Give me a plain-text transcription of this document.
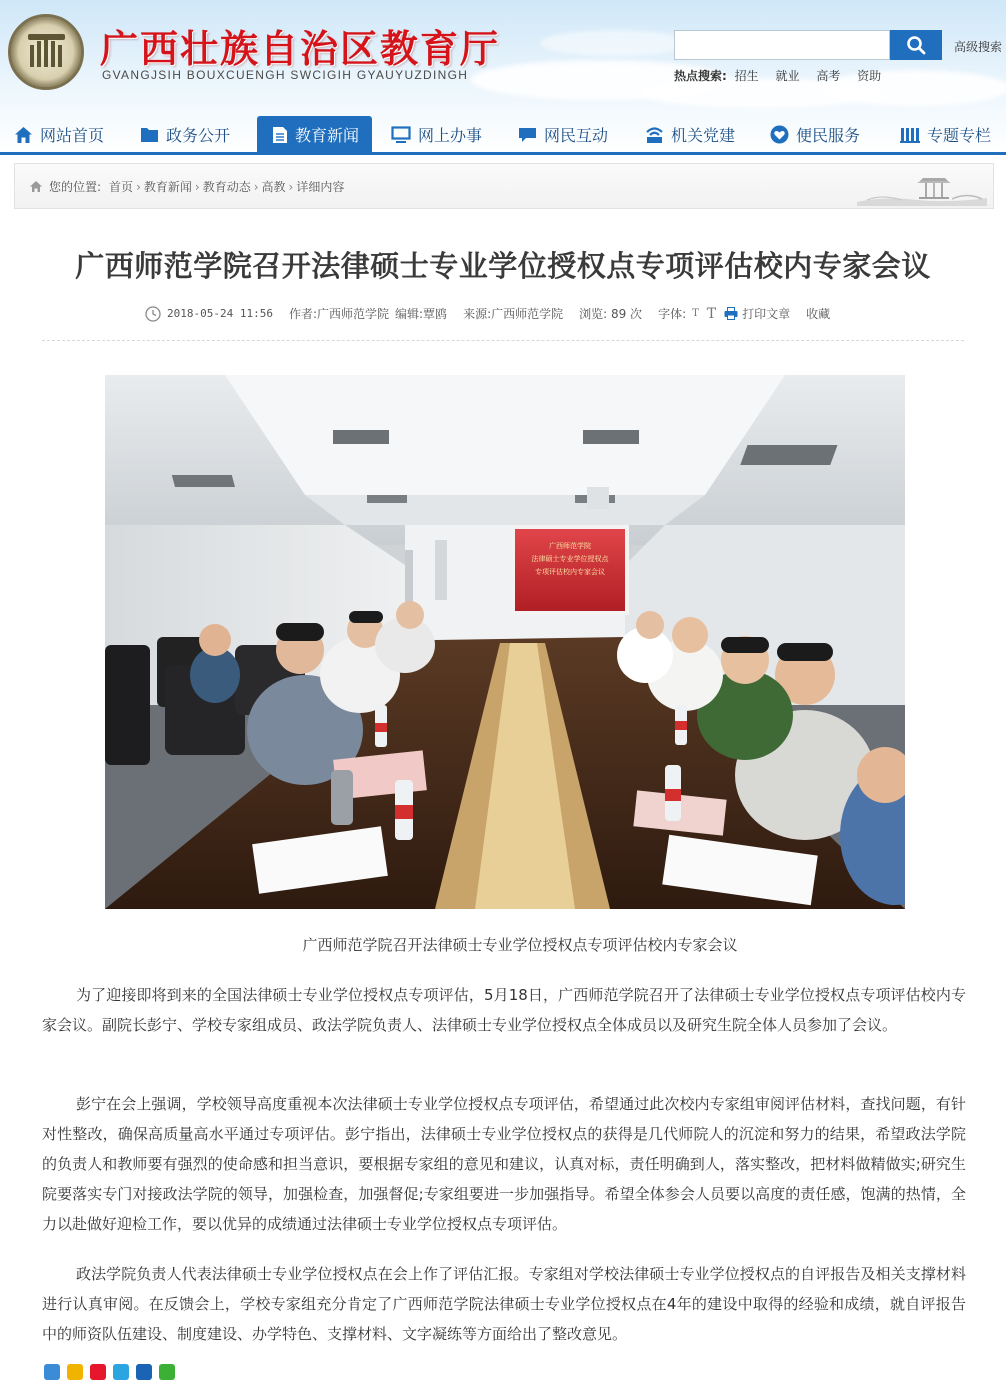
广西壮族自治区教育厅
GVANGJSIH BOUXCUENGH SWCIGIH GYAUYUZDINGH
高级搜索
热点搜索: 招生 就业 高考 资助
网站首页	政务公开	教育新闻	网上办事	网民互动	机关党建	便民服务	专题专栏
您的位置: 首页 › 教育新闻 › 教育动态 › 高教 › 详细内容
广西师范学院召开法律硕士专业学位授权点专项评估校内专家会议
2018-05-24 11:56 作者:广西师范学院 编辑:覃鸥 来源:广西师范学院 浏览: 89 次 字体: T T 打印文章 收藏
广西师范学院
法律硕士专业学位授权点
专项评估校内专家会议
广西师范学院召开法律硕士专业学位授权点专项评估校内专家会议

为了迎接即将到来的全国法律硕士专业学位授权点专项评估，5月18日，广西师范学院召开了法律硕士专业学位授权点专项评估校内专家会议。副院长彭宁、学校专家组成员、政法学院负责人、法律硕士专业学位授权点全体成员以及研究生院全体人员参加了会议。

彭宁在会上强调，学校领导高度重视本次法律硕士专业学位授权点专项评估，希望通过此次校内专家组审阅评估材料，查找问题，有针对性整改，确保高质量高水平通过专项评估。彭宁指出，法律硕士专业学位授权点的获得是几代师院人的沉淀和努力的结果，希望政法学院的负责人和教师要有强烈的使命感和担当意识，要根据专家组的意见和建议，认真对标，责任明确到人，落实整改，把材料做精做实;研究生院要落实专门对接政法学院的领导，加强检查，加强督促;专家组要进一步加强指导。希望全体参会人员要以高度的责任感，饱满的热情，全力以赴做好迎检工作，要以优异的成绩通过法律硕士专业学位授权点专项评估。

政法学院负责人代表法律硕士专业学位授权点在会上作了评估汇报。专家组对学校法律硕士专业学位授权点的自评报告及相关支撑材料进行认真审阅。在反馈会上，学校专家组充分肯定了广西师范学院法律硕士专业学位授权点在4年的建设中取得的经验和成绩，就自评报告中的师资队伍建设、制度建设、办学特色、支撑材料、文字凝练等方面给出了整改意见。
